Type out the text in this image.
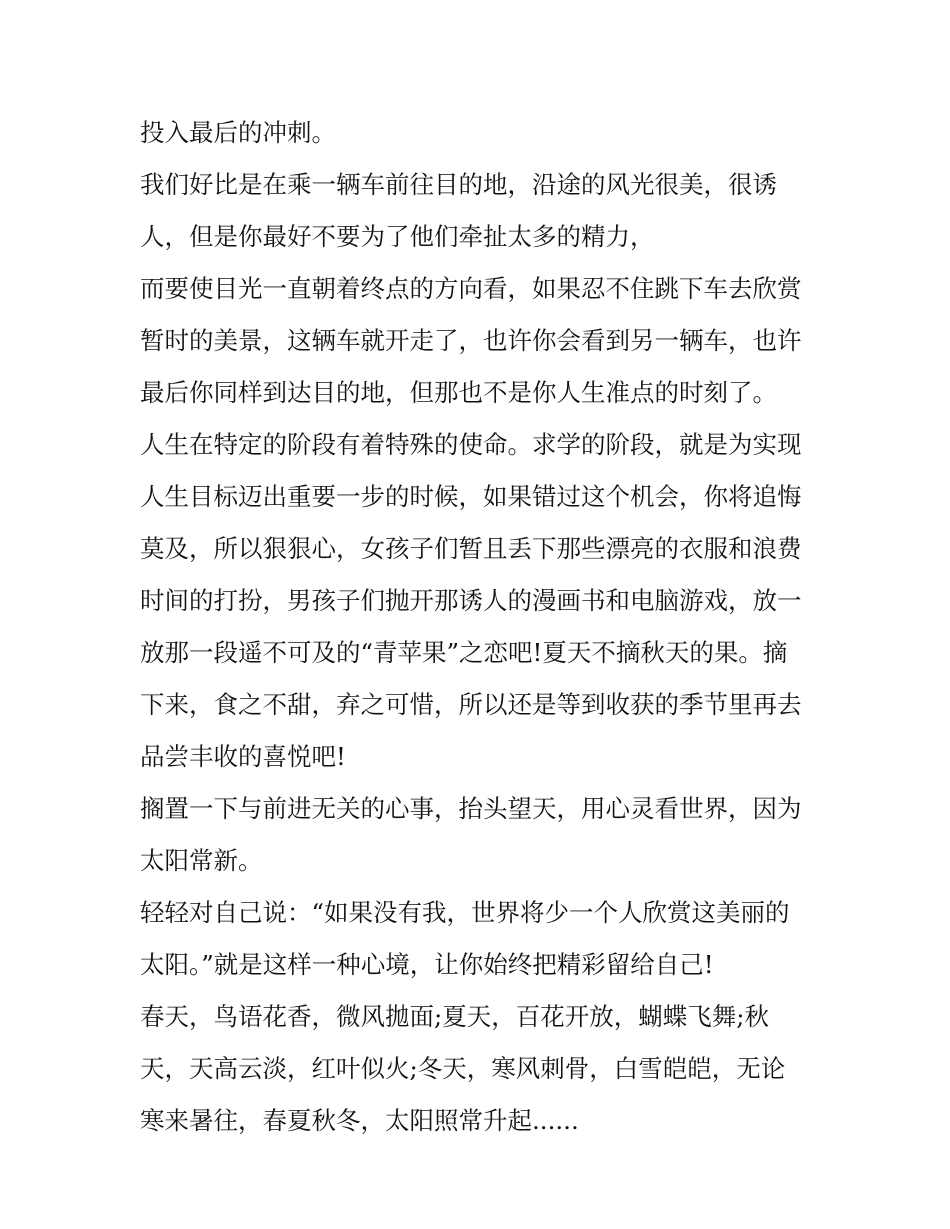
投入最后的冲刺。
我们好比是在乘一辆车前往目的地，沿途的风光很美，很诱
人，但是你最好不要为了他们牵扯太多的精力，
而要使目光一直朝着终点的方向看，如果忍不住跳下车去欣赏
暂时的美景，这辆车就开走了，也许你会看到另一辆车，也许
最后你同样到达目的地，但那也不是你人生准点的时刻了。
人生在特定的阶段有着特殊的使命。求学的阶段，就是为实现
人生目标迈出重要一步的时候，如果错过这个机会，你将追悔
莫及，所以狠狠心，女孩子们暂且丢下那些漂亮的衣服和浪费
时间的打扮，男孩子们抛开那诱人的漫画书和电脑游戏，放一
放那一段遥不可及的“青苹果”之恋吧!夏天不摘秋天的果。摘
下来，食之不甜，弃之可惜，所以还是等到收获的季节里再去
品尝丰收的喜悦吧!
搁置一下与前进无关的心事，抬头望天，用心灵看世界，因为
太阳常新。
轻轻对自己说：“如果没有我，世界将少一个人欣赏这美丽的
太阳。”就是这样一种心境，让你始终把精彩留给自己!
春天，鸟语花香，微风拋面;夏天，百花开放，蝴蝶飞舞;秋
天，天高云淡，红叶似火;冬天，寒风刺骨，白雪皑皑，无论
寒来暑往，春夏秋冬，太阳照常升起......
